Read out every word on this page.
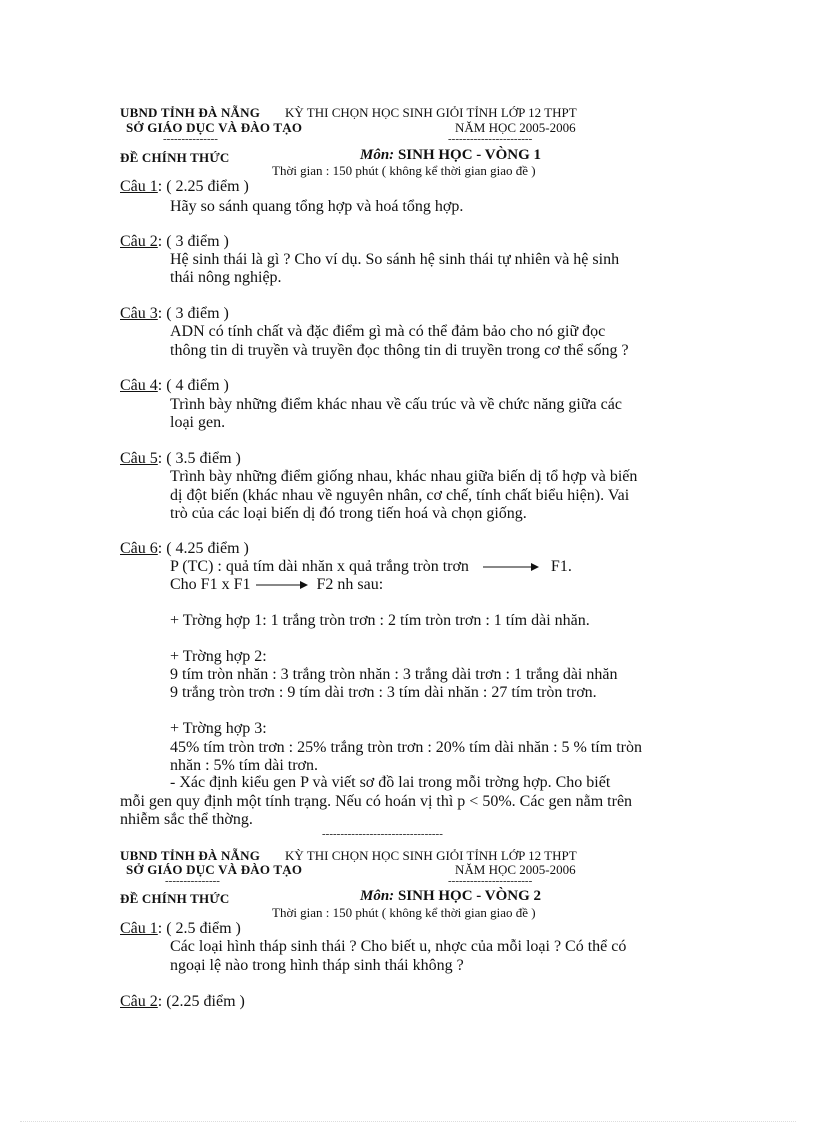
UBND TỈNH ĐÀ NẴNG
SỞ GIÁO DỤC VÀ ĐÀO TẠO
---------------
KỲ THI CHỌN HỌC SINH GIỎI TỈNH LỚP 12 THPT
NĂM HỌC 2005-2006
-----------------------
ĐỀ CHÍNH THỨC	Môn: SINH HỌC - VÒNG 1
Thời gian : 150 phút ( không kể thời gian giao đề )
Câu 1: ( 2.25 điểm )
Hãy so sánh quang tổng hợp và hoá tổng hợp.
Câu 2: ( 3 điểm )
Hệ sinh thái là gì ? Cho ví dụ. So sánh hệ sinh thái tự nhiên và hệ sinh
thái nông nghiệp.
Câu 3: ( 3 điểm )
ADN có tính chất và đặc điểm gì mà có thể đảm bảo cho nó giữ đọc
thông tin di truyền và truyền đọc thông tin di truyền trong cơ thể sống ?
Câu 4: ( 4 điểm )
Trình bày những điểm khác nhau về cấu trúc và về chức năng giữa các
loại gen.
Câu 5: ( 3.5 điểm )
Trình bày những điểm giống nhau, khác nhau giữa biến dị tổ hợp và biến
dị đột biến (khác nhau về nguyên nhân, cơ chế, tính chất biểu hiện). Vai
trò của các loại biến dị đó trong tiến hoá và chọn giống.
Câu 6: ( 4.25 điểm )
P (TC) : quả tím dài nhăn x quả trắng tròn trơn	F1.
Cho F1 x F1	F2 nh sau:
+ Trờng hợp 1: 1 trắng tròn trơn : 2 tím tròn trơn : 1 tím dài nhăn.
+ Trờng hợp 2:
9 tím tròn nhăn : 3 trắng tròn nhăn : 3 trắng dài trơn : 1 trắng dài nhăn
9 trắng tròn trơn : 9 tím dài trơn : 3 tím dài nhăn : 27 tím tròn trơn.
+ Trờng hợp 3:
45% tím tròn trơn : 25% trắng tròn trơn : 20% tím dài nhăn : 5 % tím tròn
nhăn : 5% tím dài trơn.
- Xác định kiểu gen P và viết sơ đồ lai trong mỗi trờng hợp. Cho biết
mỗi gen quy định một tính trạng. Nếu có hoán vị thì p < 50%. Các gen nằm trên
nhiễm sắc thể thờng.
---------------------------------
UBND TỈNH ĐÀ NẴNG
SỞ GIÁO DỤC VÀ ĐÀO TẠO
---------------
KỲ THI CHỌN HỌC SINH GIỎI TỈNH LỚP 12 THPT
NĂM HỌC 2005-2006
-----------------------
ĐỀ CHÍNH THỨC	Môn: SINH HỌC - VÒNG 2
Thời gian : 150 phút ( không kể thời gian giao đề )
Câu 1: ( 2.5 điểm )
Các loại hình tháp sinh thái ? Cho biết u, nhợc của mỗi loại ? Có thể có
ngoại lệ nào trong hình tháp sinh thái không ?
Câu 2: (2.25 điểm )
